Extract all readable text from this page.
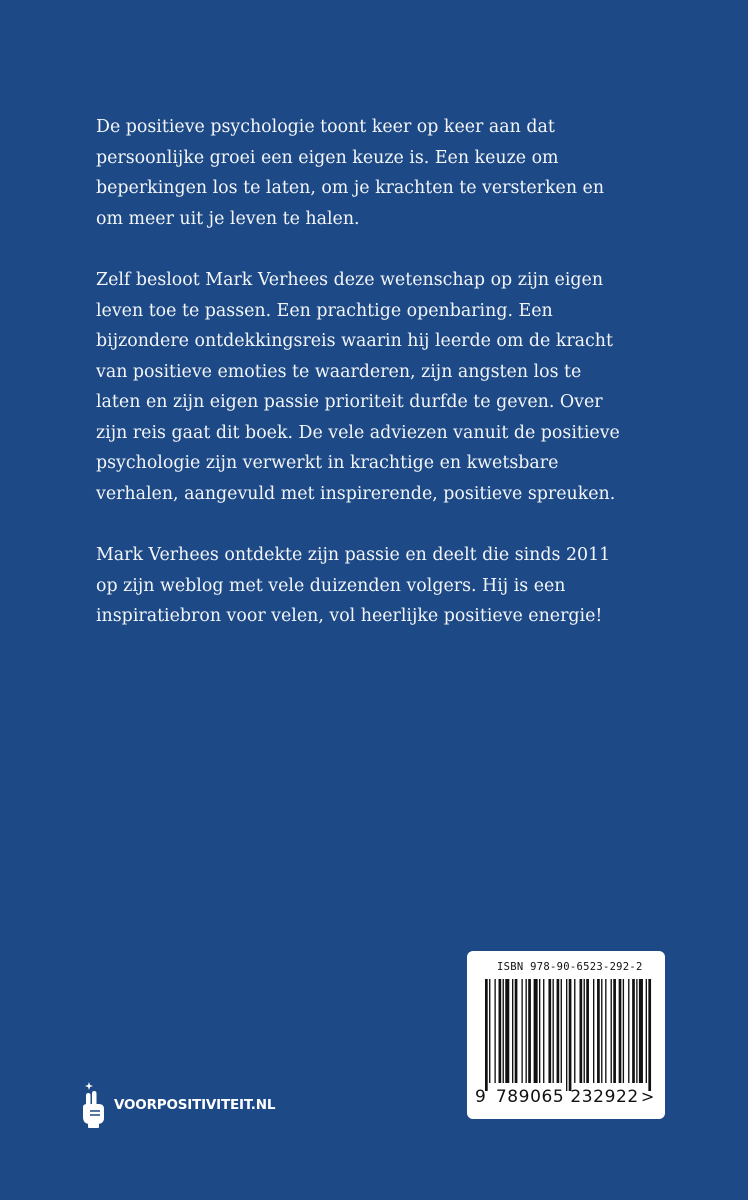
De positieve psychologie toont keer op keer aan dat
persoonlijke groei een eigen keuze is. Een keuze om
beperkingen los te laten, om je krachten te versterken en
om meer uit je leven te halen.

Zelf besloot Mark Verhees deze wetenschap op zijn eigen
leven toe te passen. Een prachtige openbaring. Een
bijzondere ontdekkingsreis waarin hij leerde om de kracht
van positieve emoties te waarderen, zijn angsten los te
laten en zijn eigen passie prioriteit durfde te geven. Over
zijn reis gaat dit boek. De vele adviezen vanuit de positieve
psychologie zijn verwerkt in krachtige en kwetsbare
verhalen, aangevuld met inspirerende, positieve spreuken.

Mark Verhees ontdekte zijn passie en deelt die sinds 2011
op zijn weblog met vele duizenden volgers. Hij is een
inspiratiebron voor velen, vol heerlijke positieve energie!

VOORPOSITIVITEIT.NL
ISBN 978-90-6523-292-2
9 789065 232922 >
